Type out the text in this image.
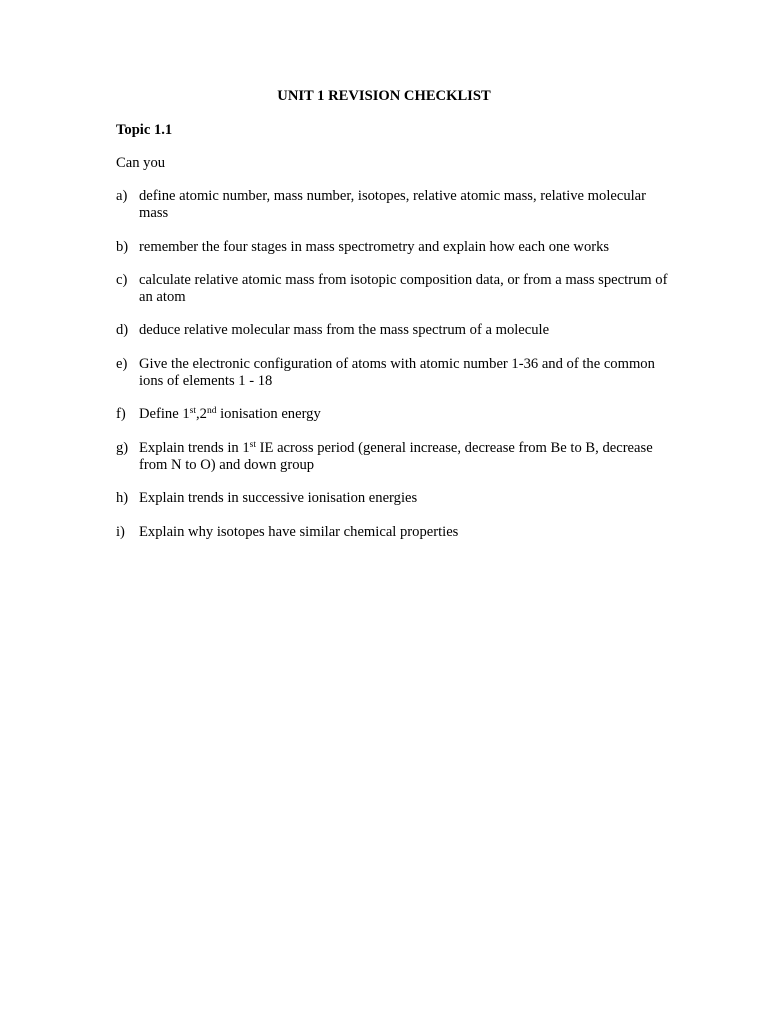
UNIT 1 REVISION CHECKLIST
Topic 1.1
Can you
a) define atomic number, mass number, isotopes, relative atomic mass, relative molecular mass
b) remember the four stages in mass spectrometry and explain how each one works
c) calculate relative atomic mass from isotopic composition data, or from a mass spectrum of an atom
d) deduce relative molecular mass from the mass spectrum of a molecule
e) Give the electronic configuration of atoms with atomic number 1-36 and of the common ions of elements 1 - 18
f) Define 1st,2nd ionisation energy
g) Explain trends in 1st IE across period (general increase, decrease from Be to B, decrease from N to O) and down group
h) Explain trends in successive ionisation energies
i) Explain why isotopes have similar chemical properties
